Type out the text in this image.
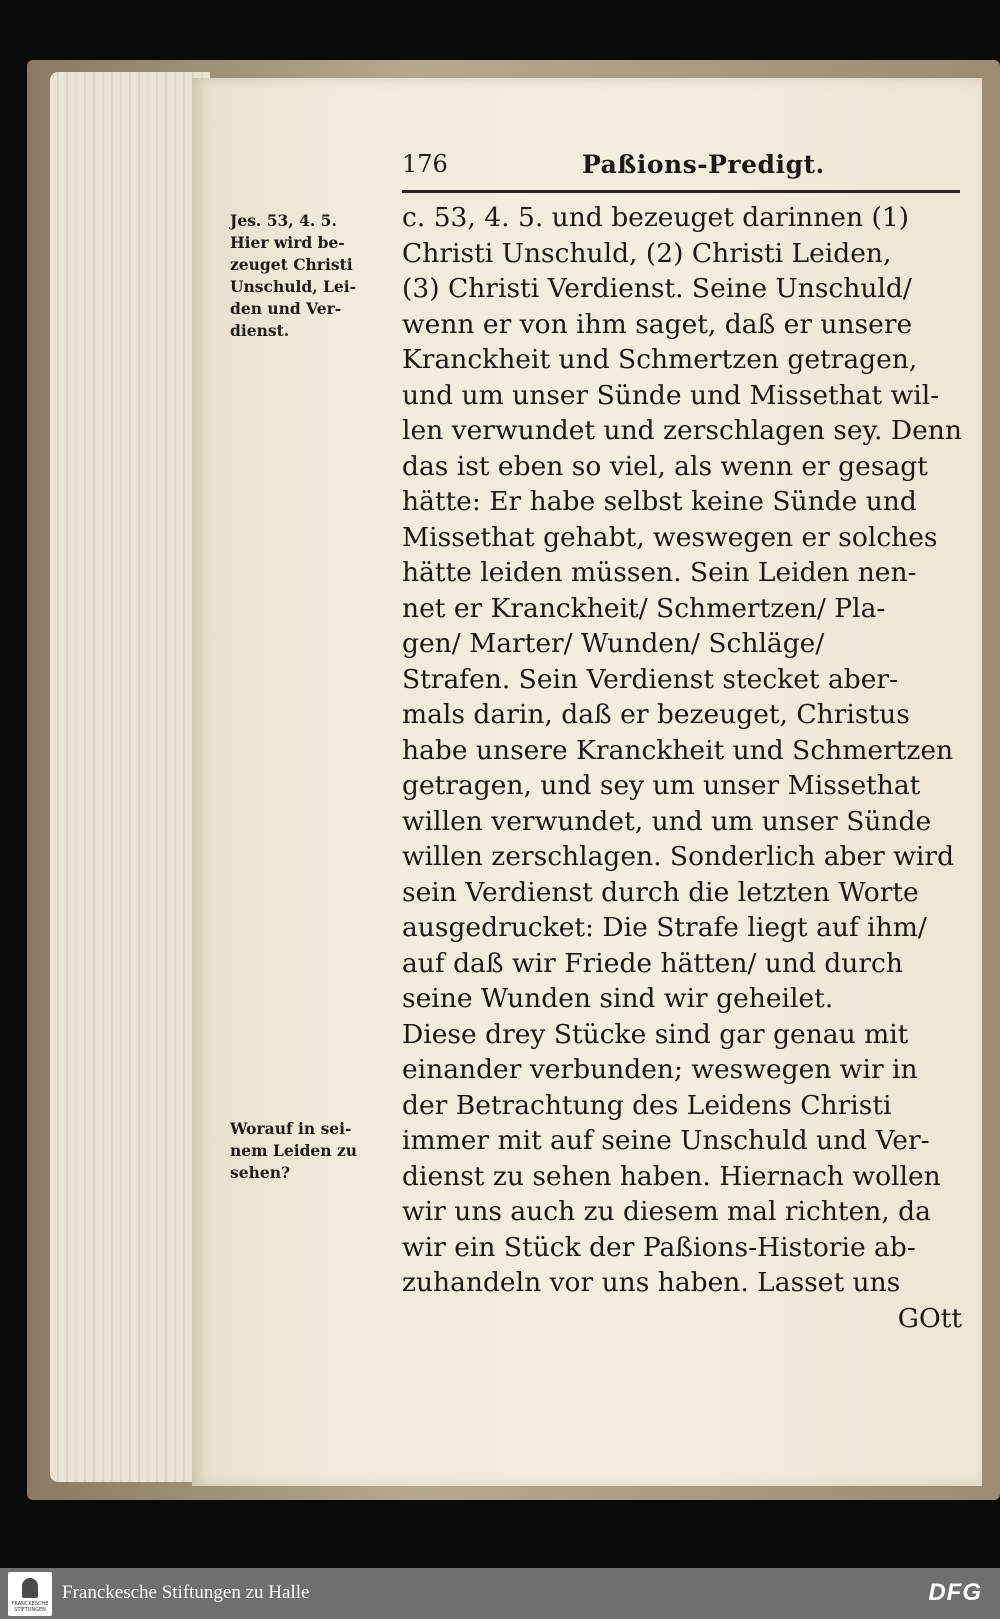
176	Paßions-Predigt.
Jes. 53, 4. 5.
Hier wird be-
zeuget Christi
Unschuld, Lei-
den und Ver-
dienst.
Worauf in sei-
nem Leiden zu
sehen?
c. 53, 4. 5. und bezeuget darinnen (1)
Christi Unschuld, (2) Christi Leiden,
(3) Christi Verdienst. Seine Unschuld/
wenn er von ihm saget, daß er unsere
Kranckheit und Schmertzen getragen,
und um unser Sünde und Missethat wil-
len verwundet und zerschlagen sey. Denn
das ist eben so viel, als wenn er gesagt
hätte: Er habe selbst keine Sünde und
Missethat gehabt, weswegen er solches
hätte leiden müssen. Sein Leiden nen-
net er Kranckheit/ Schmertzen/ Pla-
gen/ Marter/ Wunden/ Schläge/
Strafen. Sein Verdienst stecket aber-
mals darin, daß er bezeuget, Christus
habe unsere Kranckheit und Schmertzen
getragen, und sey um unser Missethat
willen verwundet, und um unser Sünde
willen zerschlagen. Sonderlich aber wird
sein Verdienst durch die letzten Worte
ausgedrucket: Die Strafe liegt auf ihm/
auf daß wir Friede hätten/ und durch
seine Wunden sind wir geheilet.
Diese drey Stücke sind gar genau mit
einander verbunden; weswegen wir in
der Betrachtung des Leidens Christi
immer mit auf seine Unschuld und Ver-
dienst zu sehen haben. Hiernach wollen
wir uns auch zu diesem mal richten, da
wir ein Stück der Paßions-Historie ab-
zuhandeln vor uns haben. Lasset uns
GOtt
FRANCKESCHE STIFTUNGEN
Franckesche Stiftungen zu Halle	DFG
